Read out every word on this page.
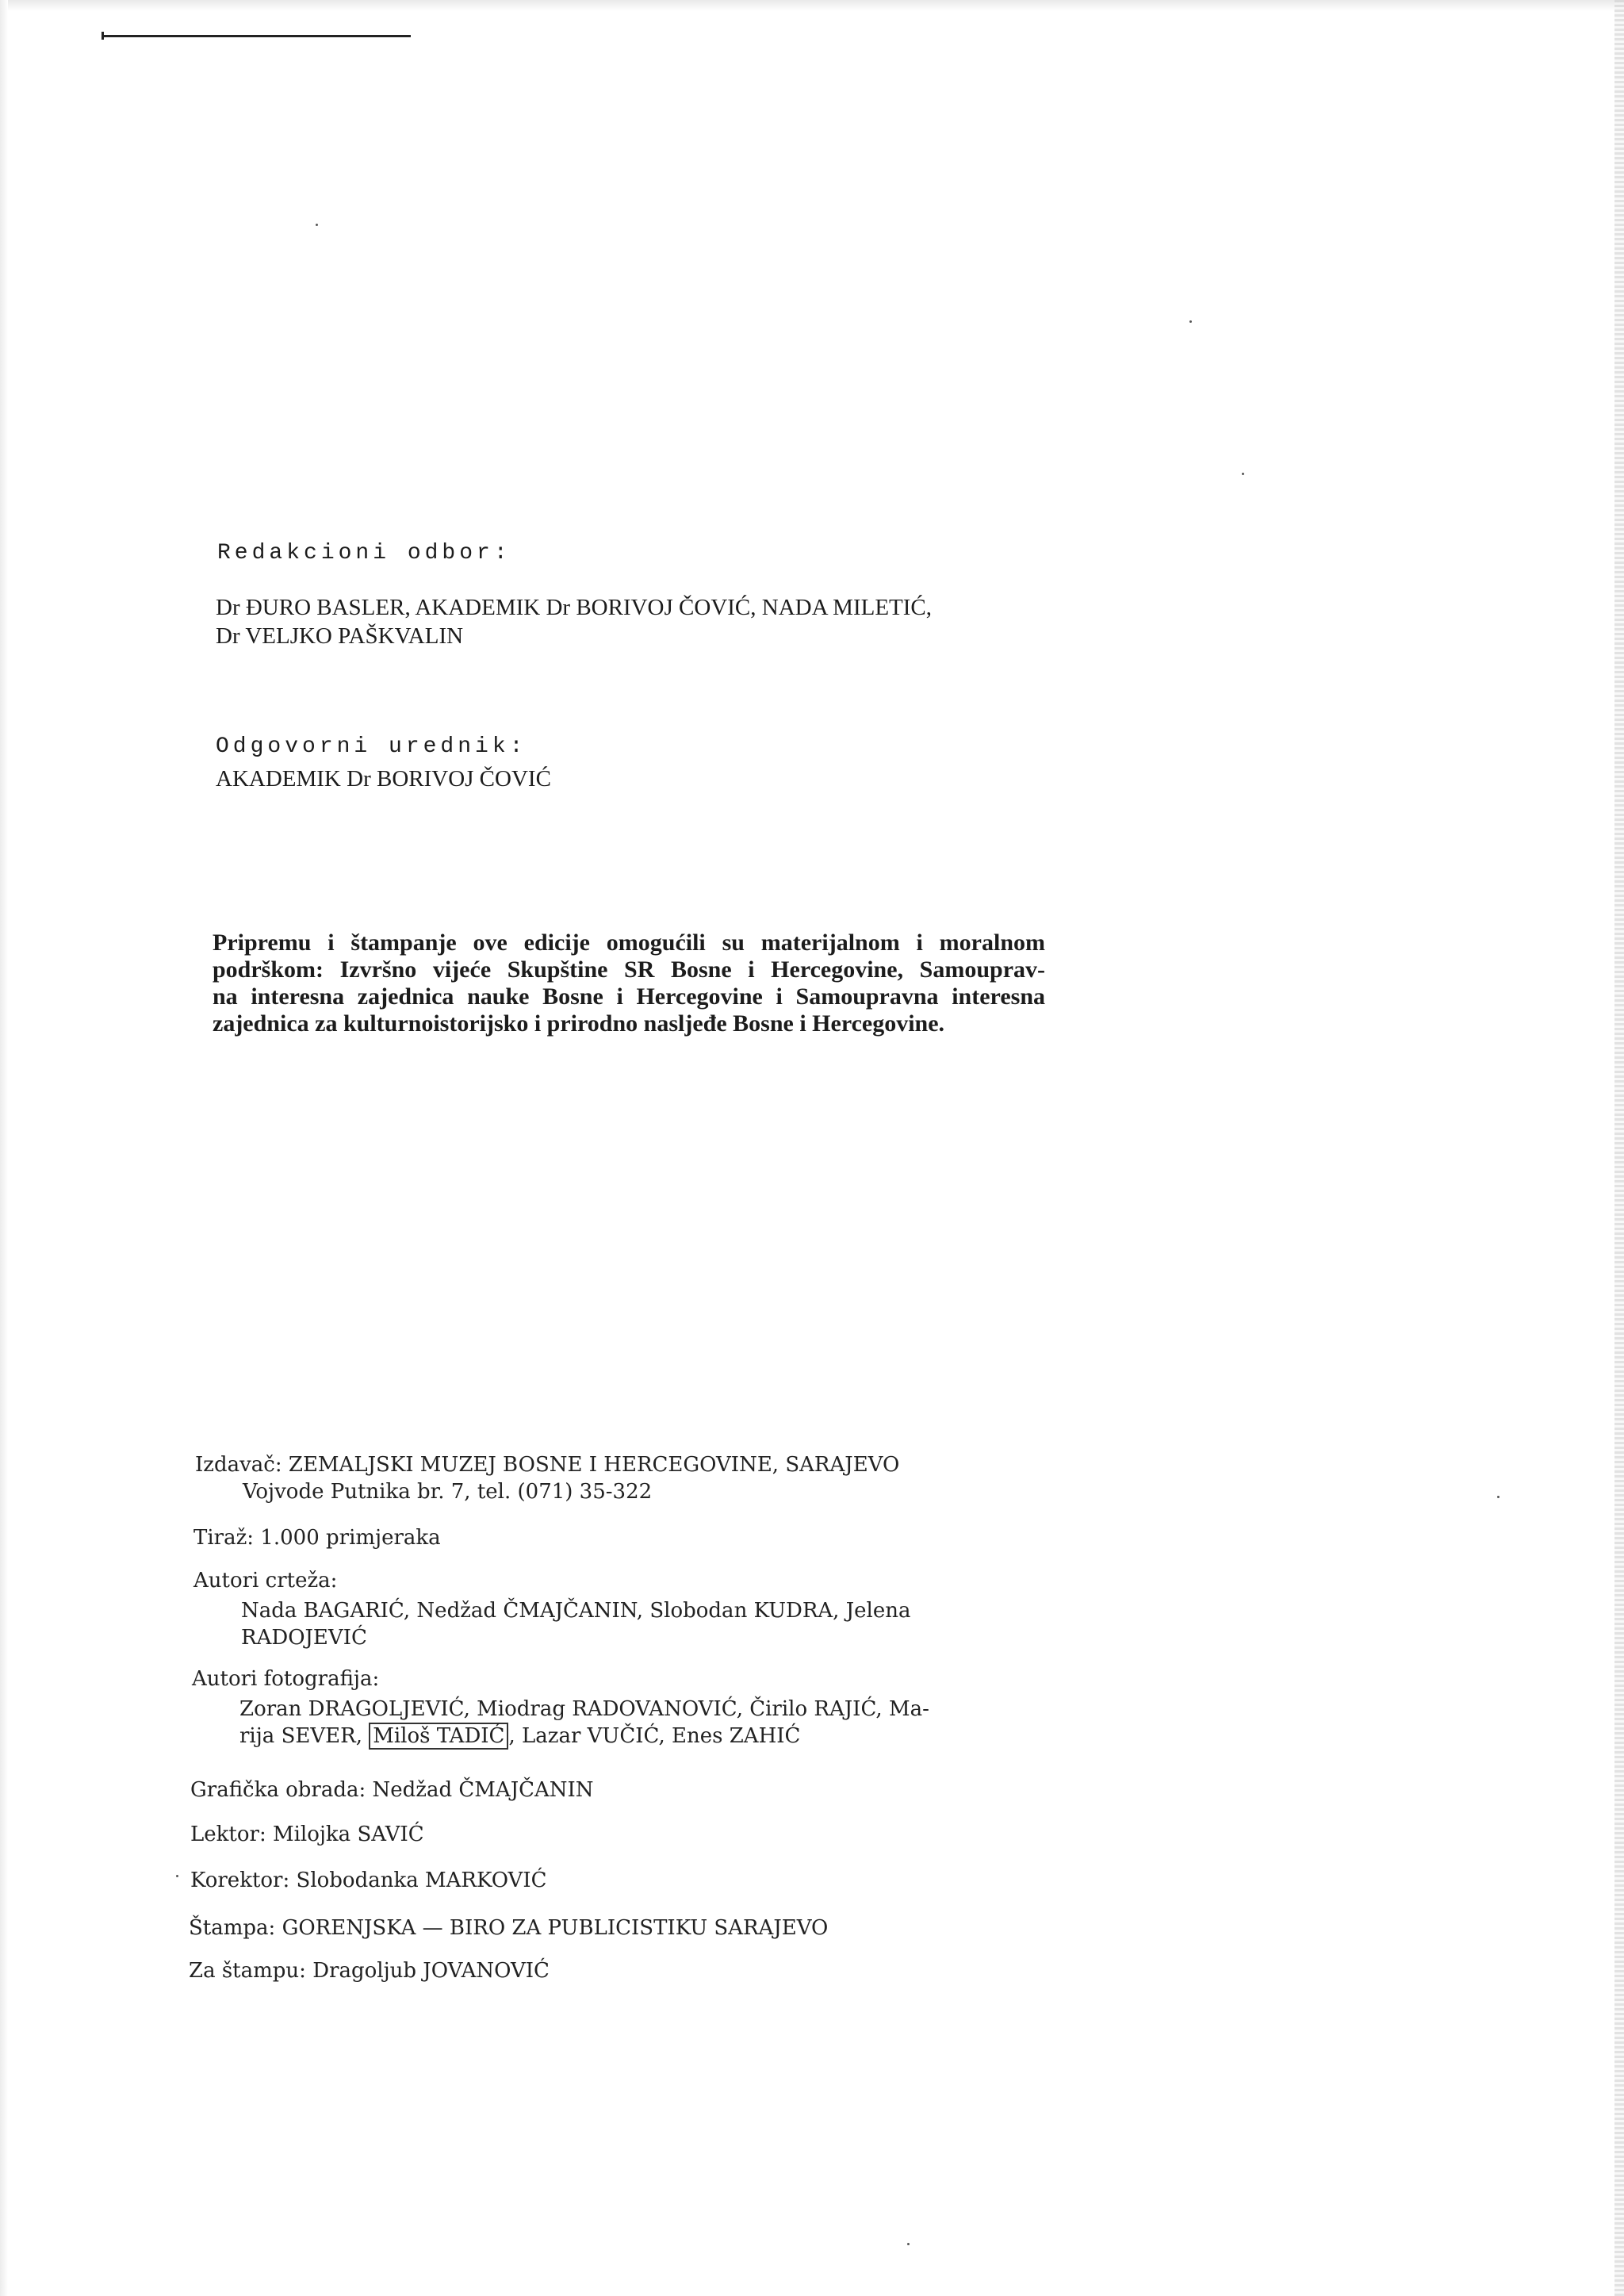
Redakcioni odbor:
Dr ĐURO BASLER, AKADEMIK Dr BORIVOJ ČOVIĆ, NADA MILETIĆ,
Dr VELJKO PAŠKVALIN
Odgovorni urednik:
AKADEMIK Dr BORIVOJ ČOVIĆ
Pripremu i štampanje ove edicije omogućili su materijalnom i moralnom
podrškom: Izvršno vijeće Skupštine SR Bosne i Hercegovine, Samouprav-
na interesna zajednica nauke Bosne i Hercegovine i Samoupravna interesna
zajednica za kulturnoistorijsko i prirodno nasljeđe Bosne i Hercegovine.
Izdavač: ZEMALJSKI MUZEJ BOSNE I HERCEGOVINE, SARAJEVO
Vojvode Putnika br. 7, tel. (071) 35-322
Tiraž: 1.000 primjeraka
Autori crteža:
Nada BAGARIĆ, Nedžad ČMAJČANIN, Slobodan KUDRA, Jelena
RADOJEVIĆ
Autori fotografija:
Zoran DRAGOLJEVIĆ, Miodrag RADOVANOVIĆ, Čirilo RAJIĆ, Ma-
rija SEVER, Miloš TADIĆ , Lazar VUČIĆ, Enes ZAHIĆ
Grafička obrada: Nedžad ČMAJČANIN
Lektor: Milojka SAVIĆ
Korektor: Slobodanka MARKOVIĆ
Štampa: GORENJSKA — BIRO ZA PUBLICISTIKU SARAJEVO
Za štampu: Dragoljub JOVANOVIĆ
